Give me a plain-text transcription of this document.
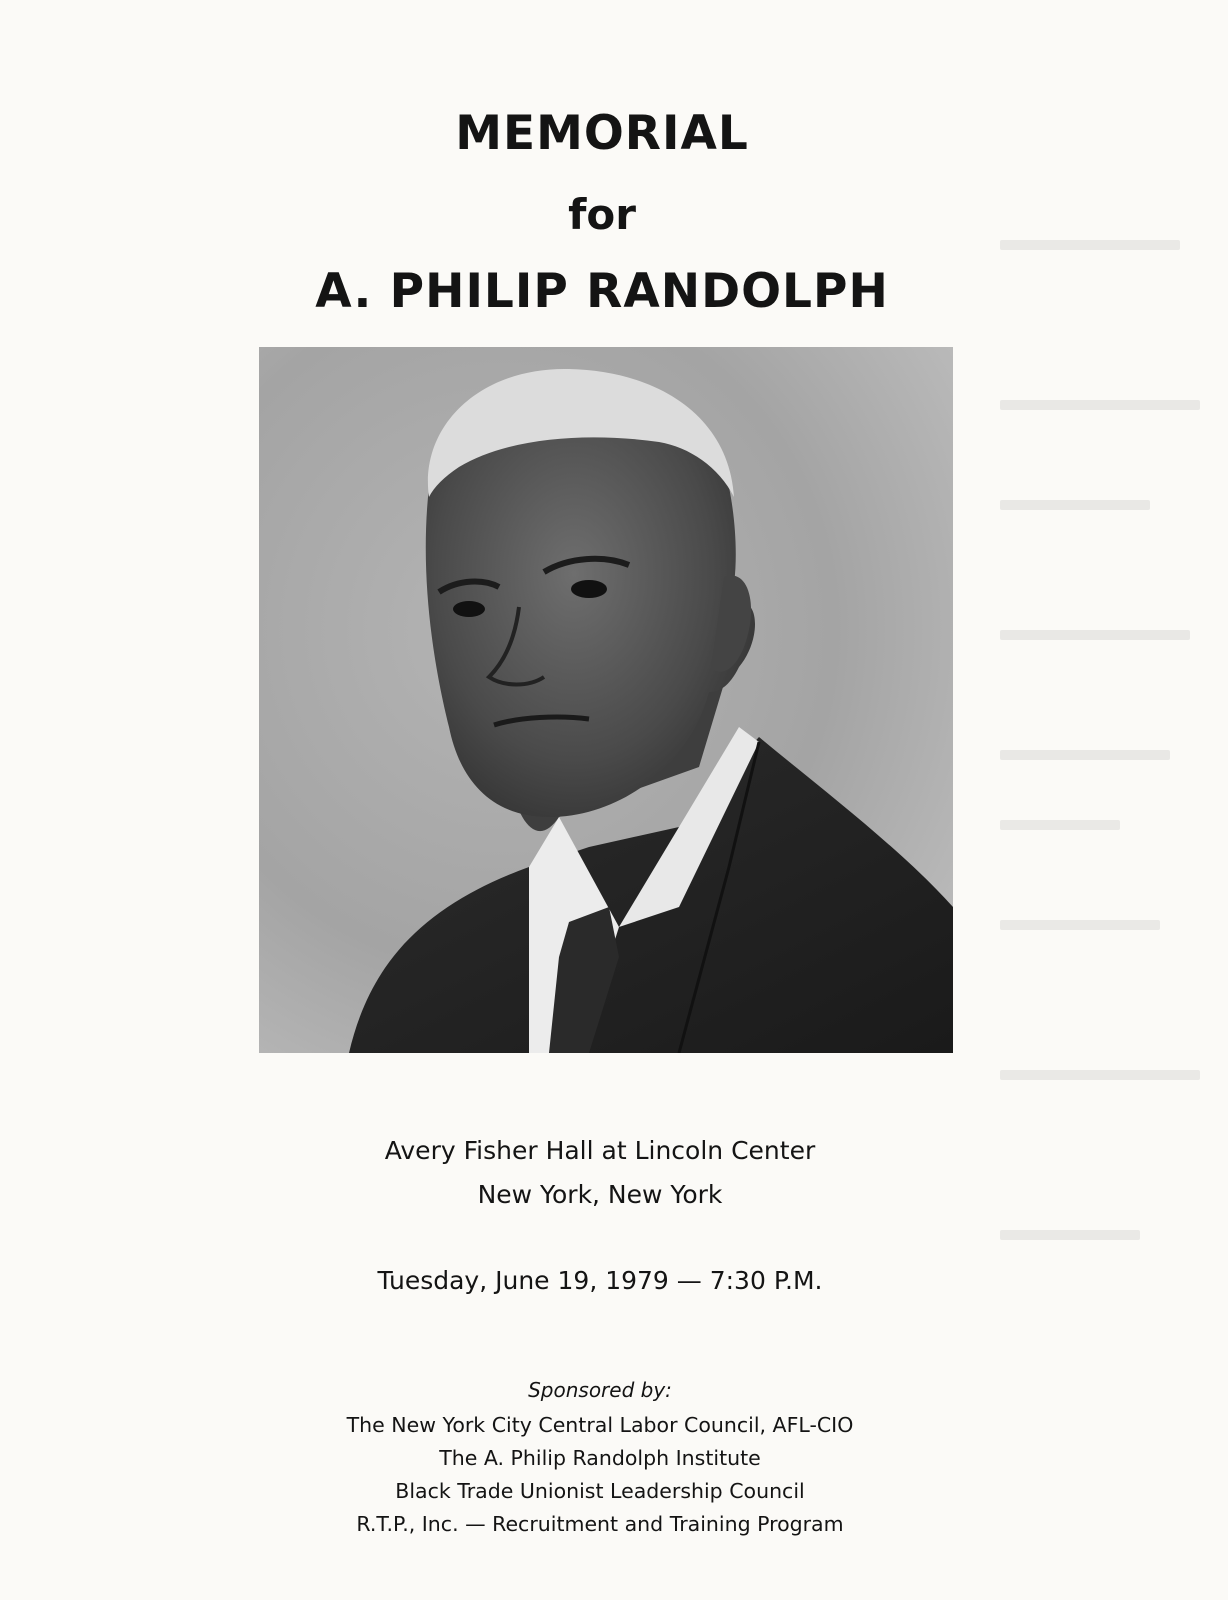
MEMORIAL
for
A. PHILIP RANDOLPH
Avery Fisher Hall at Lincoln Center
New York, New York
Tuesday, June 19, 1979 — 7:30 P.M.
Sponsored by:
The New York City Central Labor Council, AFL-CIO
The A. Philip Randolph Institute
Black Trade Unionist Leadership Council
R.T.P., Inc. — Recruitment and Training Program
